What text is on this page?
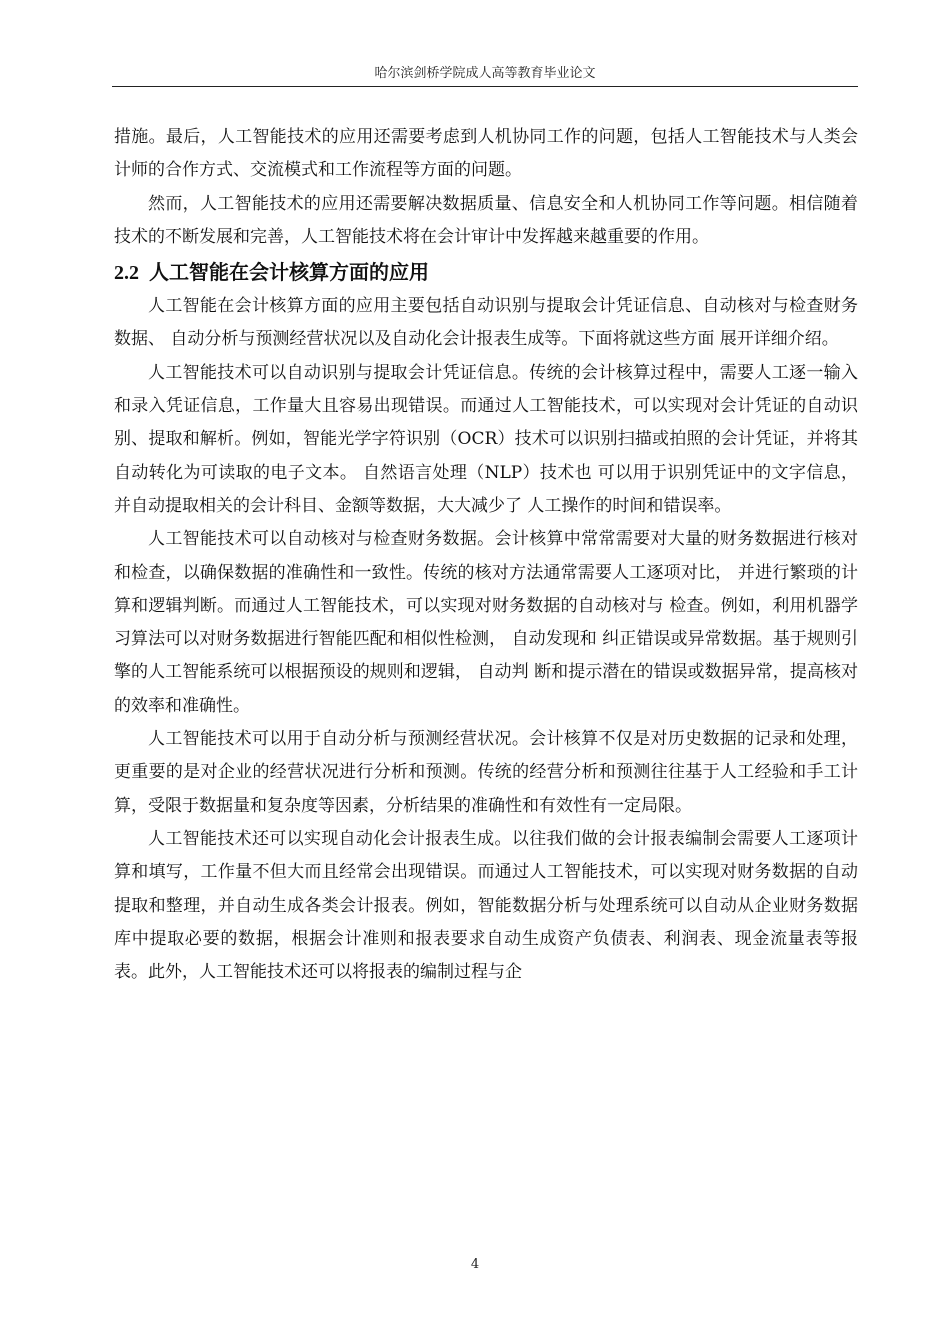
哈尔滨剑桥学院成人高等教育毕业论文

措施。最后，人工智能技术的应用还需要考虑到人机协同工作的问题，包括人工智能技术与人类会计师的合作方式、交流模式和工作流程等方面的问题。

然而，人工智能技术的应用还需要解决数据质量、信息安全和人机协同工作等问题。相信随着技术的不断发展和完善，人工智能技术将在会计审计中发挥越来越重要的作用。

2.2 人工智能在会计核算方面的应用

人工智能在会计核算方面的应用主要包括自动识别与提取会计凭证信息、自动核对与检查财务数据、 自动分析与预测经营状况以及自动化会计报表生成等。下面将就这些方面 展开详细介绍。

人工智能技术可以自动识别与提取会计凭证信息。传统的会计核算过程中，需要人工逐一输入和录入凭证信息，工作量大且容易出现错误。而通过人工智能技术，可以实现对会计凭证的自动识别、提取和解析。例如，智能光学字符识别（OCR）技术可以识别扫描或拍照的会计凭证，并将其自动转化为可读取的电子文本。 自然语言处理（NLP）技术也 可以用于识别凭证中的文字信息，并自动提取相关的会计科目、金额等数据，大大减少了 人工操作的时间和错误率。

人工智能技术可以自动核对与检查财务数据。会计核算中常常需要对大量的财务数据进行核对和检查，以确保数据的准确性和一致性。传统的核对方法通常需要人工逐项对比， 并进行繁琐的计算和逻辑判断。而通过人工智能技术，可以实现对财务数据的自动核对与 检查。例如，利用机器学习算法可以对财务数据进行智能匹配和相似性检测， 自动发现和 纠正错误或异常数据。基于规则引擎的人工智能系统可以根据预设的规则和逻辑， 自动判 断和提示潜在的错误或数据异常，提高核对的效率和准确性。

人工智能技术可以用于自动分析与预测经营状况。会计核算不仅是对历史数据的记录和处理，更重要的是对企业的经营状况进行分析和预测。传统的经营分析和预测往往基于人工经验和手工计算，受限于数据量和复杂度等因素，分析结果的准确性和有效性有一定局限。

人工智能技术还可以实现自动化会计报表生成。以往我们做的会计报表编制会需要人工逐项计算和填写，工作量不但大而且经常会出现错误。而通过人工智能技术，可以实现对财务数据的自动提取和整理，并自动生成各类会计报表。例如，智能数据分析与处理系统可以自动从企业财务数据库中提取必要的数据，根据会计准则和报表要求自动生成资产负债表、利润表、现金流量表等报表。此外，人工智能技术还可以将报表的编制过程与企

4
